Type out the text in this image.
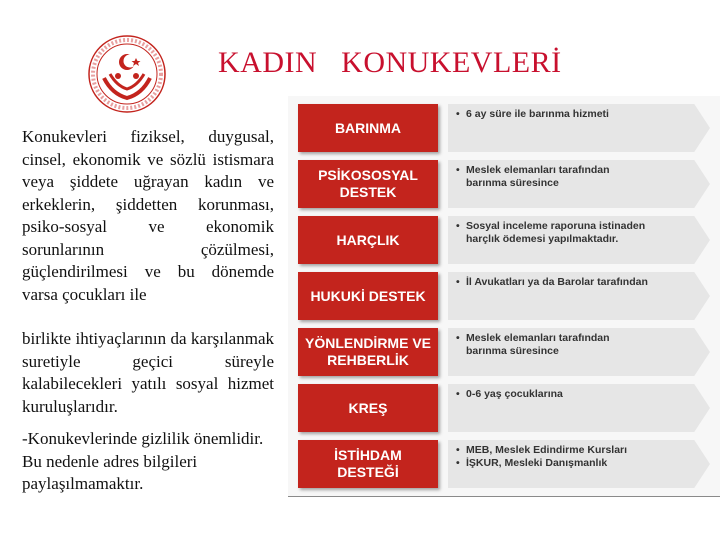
KADIN   KONUKEVLERİ

Konukevleri fiziksel, duygusal, cinsel, ekonomik ve sözlü istismara veya şiddete uğrayan kadın ve erkeklerin, şiddetten korunması, psiko-sosyal ve ekonomik sorunlarının çözülmesi, güçlendirilmesi ve bu dönemde varsa çocukları ile

birlikte ihtiyaçlarının da karşılanmak suretiyle geçici süreyle kalabilecekleri yatılı sosyal hizmet kuruluşlarıdır.

-Konukevlerinde gizlilik önemlidir. Bu nedenle adres bilgileri paylaşılmamaktır.

BARINMA
• 6 ay süre ile barınma hizmeti
PSİKOSOSYAL
DESTEK
• Meslek elemanları tarafından
barınma süresince
HARÇLIK
• Sosyal inceleme raporuna istinaden
harçlık ödemesi yapılmaktadır.
HUKUKİ DESTEK
• İl Avukatları ya da Barolar tarafından
YÖNLENDİRME VE
REHBERLİK
• Meslek elemanları tarafından
barınma süresince
KREŞ
• 0-6 yaş çocuklarına
İSTİHDAM
DESTEĞİ
• MEB, Meslek Edindirme Kursları
• İŞKUR, Mesleki Danışmanlık
www.aile.gov.tr
